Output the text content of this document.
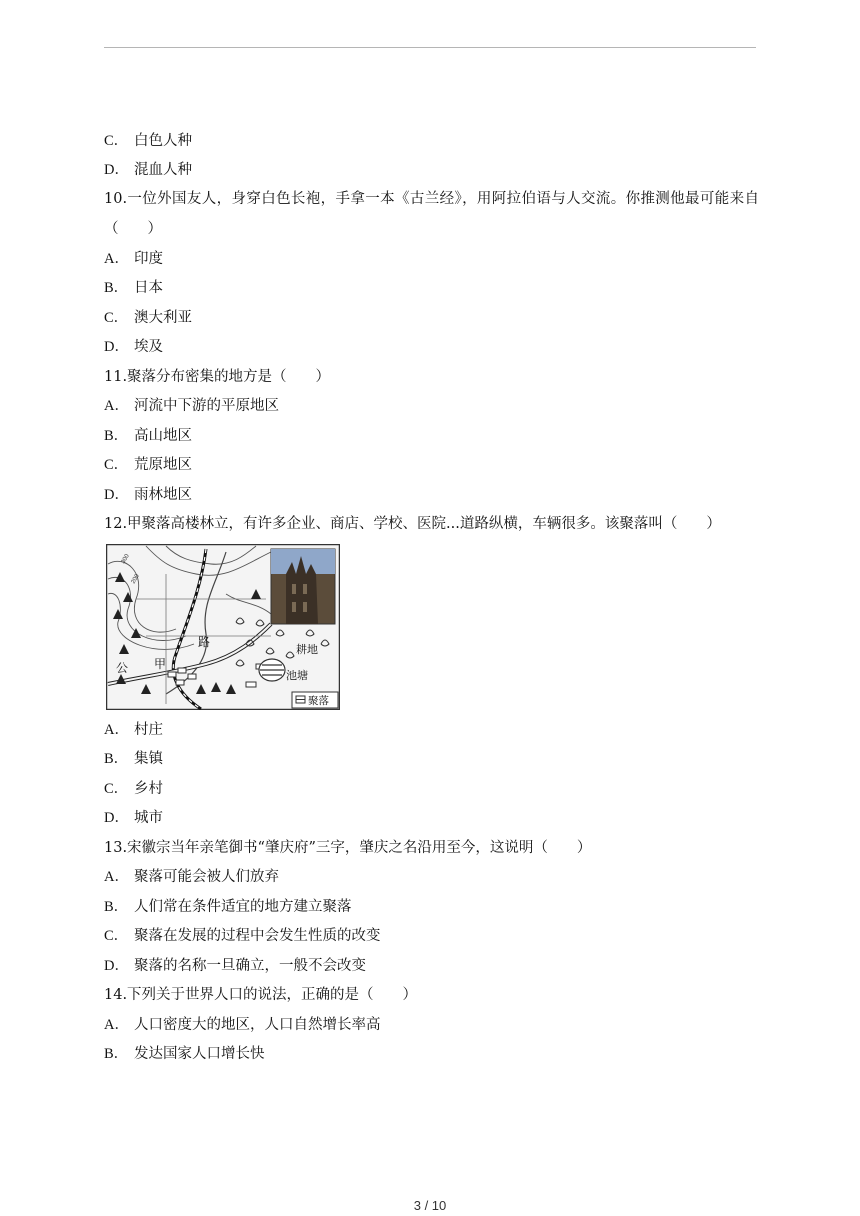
C． 白色人种
D． 混血人种
10.一位外国友人，身穿白色长袍，手拿一本《古兰经》，用阿拉伯语与人交流。你推测他最可能来自（　　）
A． 印度
B． 日本
C． 澳大利亚
D． 埃及
11.聚落分布密集的地方是（　　）
A． 河流中下游的平原地区
B． 高山地区
C． 荒原地区
D． 雨林地区
12.甲聚落高楼林立，有许多企业、商店、学校、医院...道路纵横，车辆很多。该聚落叫（　　）
300
200
路
公 甲
耕地
池塘
聚落
A． 村庄
B． 集镇
C． 乡村
D． 城市
13.宋徽宗当年亲笔御书“肇庆府”三字，肇庆之名沿用至今，这说明（　　）
A． 聚落可能会被人们放弃
B． 人们常在条件适宜的地方建立聚落
C． 聚落在发展的过程中会发生性质的改变
D． 聚落的名称一旦确立，一般不会改变
14.下列关于世界人口的说法，正确的是（　　）
A． 人口密度大的地区，人口自然增长率高
B． 发达国家人口增长快
3 / 10
